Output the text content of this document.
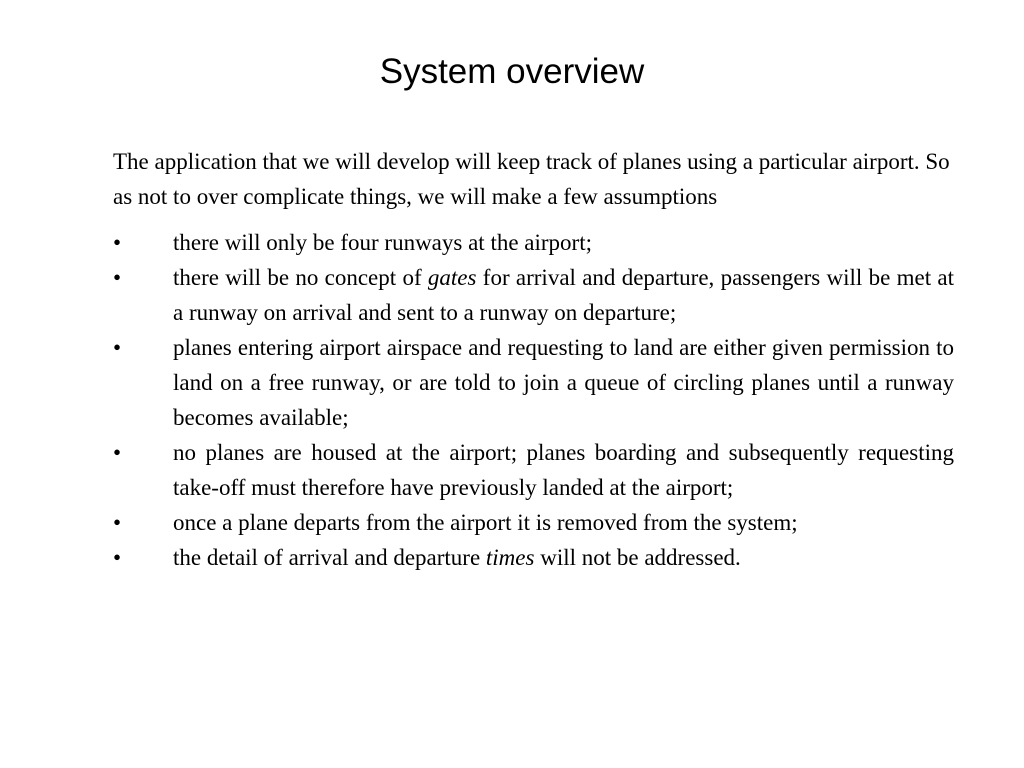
System overview

The application that we will develop will keep track of planes using a particular airport. So as not to over complicate things, we will make a few assumptions

•	there will only be four runways at the airport;
•	there will be no concept of gates for arrival and departure, passengers will be met at a runway on arrival and sent to a runway on departure;
•	planes entering airport airspace and requesting to land are either given permission to land on a free runway, or are told to join a queue of circling planes until a runway becomes available;
•	no planes are housed at the airport; planes boarding and subsequently requesting take-off must therefore have previously landed at the airport;
•	once a plane departs from the airport it is removed from the system;
•	the detail of arrival and departure times will not be addressed.
